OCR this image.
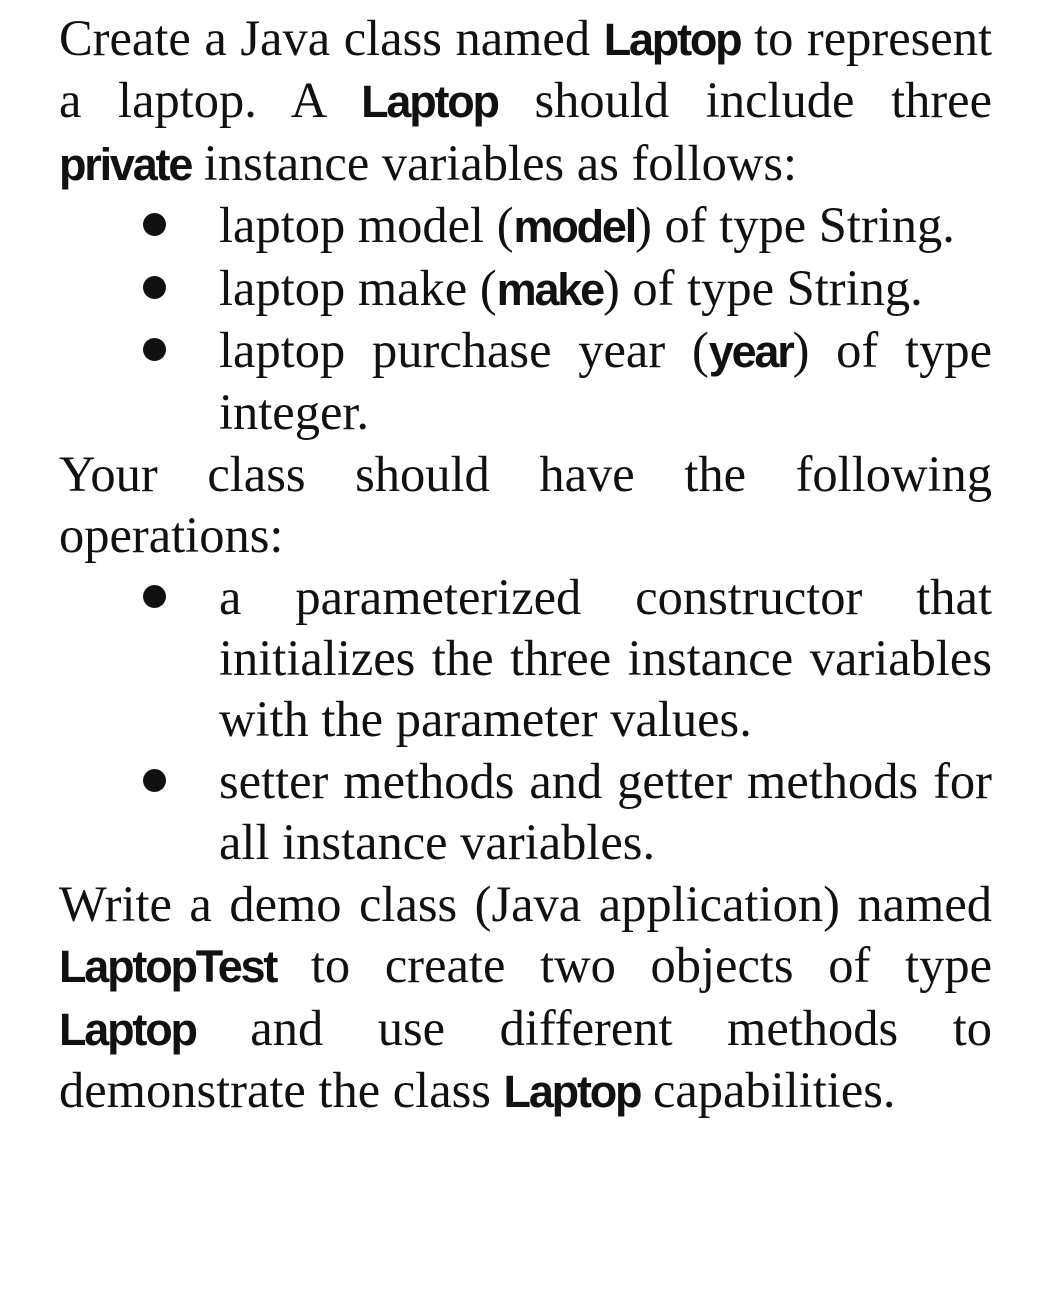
Create a Java class named Laptop to represent a laptop. A Laptop should include three private instance variables as follows:

laptop model (model) of type String.
laptop make (make) of type String.
laptop purchase year (year) of type integer.

Your class should have the following operations:

a parameterized constructor that initializes the three instance variables with the parameter values.
setter methods and getter methods for all instance variables.

Write a demo class (Java application) named LaptopTest to create two objects of type Laptop and use different methods to demonstrate the class Laptop capabilities.
